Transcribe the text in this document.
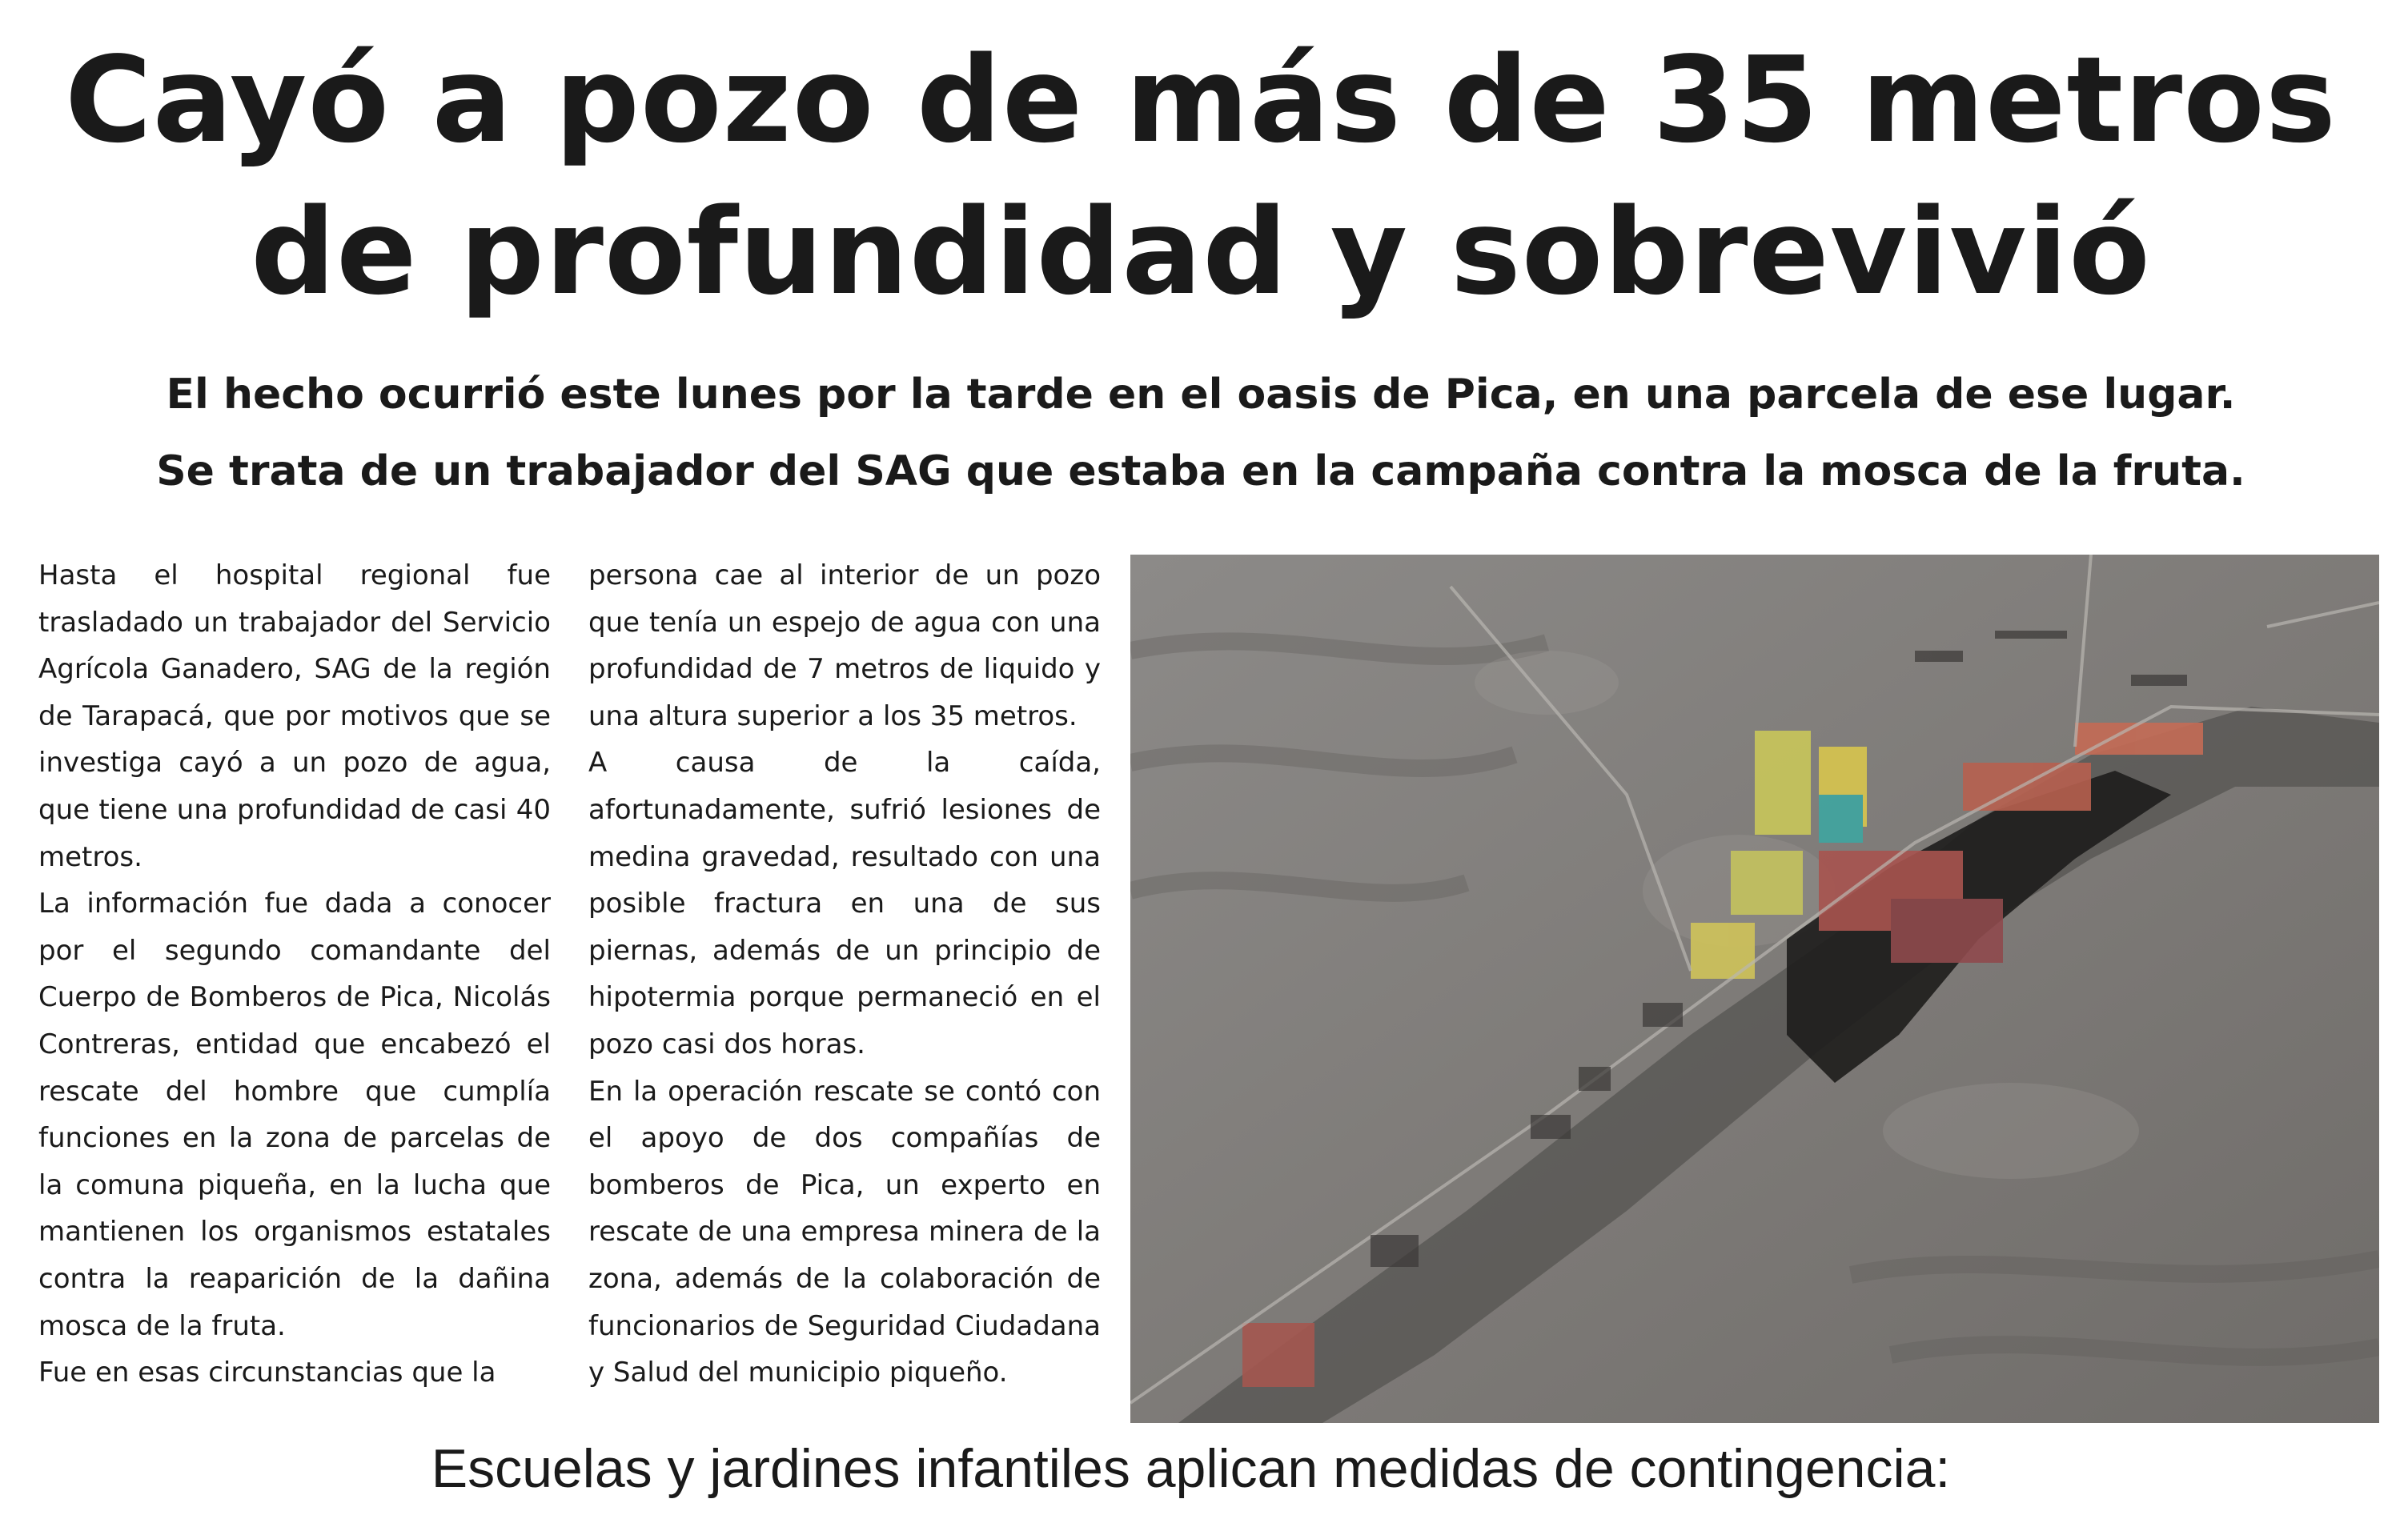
Cayó a pozo de más de 35 metros
de profundidad y sobrevivió
El hecho ocurrió este lunes por la tarde en el oasis de Pica, en una parcela de ese lugar.
Se trata de un trabajador del SAG que estaba en la campaña contra la mosca de la fruta.

Hasta el hospital regional fue trasladado un trabajador del Servicio Agrícola Ganadero, SAG de la región de Tarapacá, que por motivos que se investiga cayó a un pozo de agua, que tiene una profundidad de casi 40 metros.

La información fue dada a conocer por el segundo comandante del Cuerpo de Bomberos de Pica, Nicolás Contreras, entidad que encabezó el rescate del hombre que cumplía funciones en la zona de parcelas de la comuna piqueña, en la lucha que mantienen los organismos estatales contra la reaparición de la dañina mosca de la fruta.

Fue en esas circunstancias que la

persona cae al interior de un pozo que tenía un espejo de agua con una profundidad de 7 metros de liquido y una altura superior a los 35 metros.

A causa de la caída, afortunadamente, sufrió lesiones de medina gravedad, resultado con una posible fractura en una de sus piernas, además de un principio de hipotermia porque permaneció en el pozo casi dos horas.

En la operación rescate se contó con el apoyo de dos compañías de bomberos de Pica, un experto en rescate de una empresa minera de la zona, además de la colaboración de funcionarios de Seguridad Ciudadana y Salud del municipio piqueño.

Escuelas y jardines infantiles aplican medidas de contingencia:
